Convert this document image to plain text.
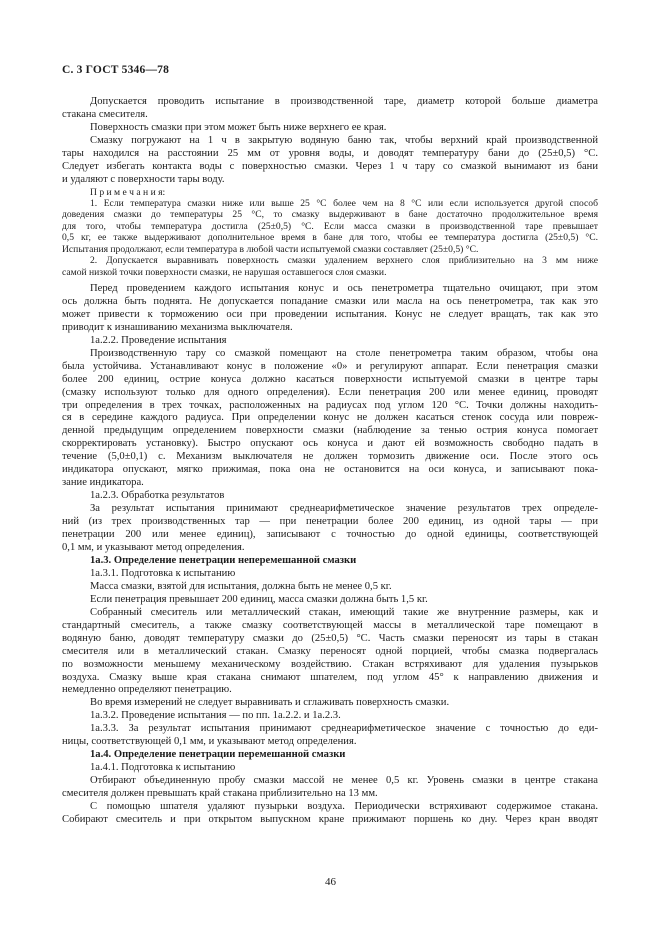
С. 3 ГОСТ 5346—78
Допускается проводить испытание в производственной таре, диаметр которой больше диаметра
стакана смесителя.
Поверхность смазки при этом может быть ниже верхнего ее края.
Смазку погружают на 1 ч в закрытую водяную баню так, чтобы верхний край производственной
тары находился на расстоянии 25 мм от уровня воды, и доводят температуру бани до (25±0,5) °С.
Следует избегать контакта воды с поверхностью смазки. Через 1 ч тару со смазкой вынимают из бани
и удаляют с поверхности тары воду.
П р и м е ч а н и я:
1. Если температура смазки ниже или выше 25 °С более чем на 8 °С или если используется другой способ
доведения смазки до температуры 25 °С, то смазку выдерживают в бане достаточно продолжительное время
для того, чтобы температура достигла (25±0,5) °С. Если масса смазки в производственной таре превышает
0,5 кг, ее также выдерживают дополнительное время в бане для того, чтобы ее температура достигла (25±0,5) °С.
Испытания продолжают, если температура в любой части испытуемой смазки составляет (25±0,5) °С.
2. Допускается выравнивать поверхность смазки удалением верхнего слоя приблизительно на 3 мм ниже
самой низкой точки поверхности смазки, не нарушая оставшегося слоя смазки.
Перед проведением каждого испытания конус и ось пенетрометра тщательно очищают, при этом
ось должна быть поднята. Не допускается попадание смазки или масла на ось пенетрометра, так как это
может привести к торможению оси при проведении испытания. Конус не следует вращать, так как это
приводит к изнашиванию механизма выключателя.
1а.2.2. Проведение испытания
Производственную тару со смазкой помещают на столе пенетрометра таким образом, чтобы она
была устойчива. Устанавливают конус в положение «0» и регулируют аппарат. Если пенетрация смазки
более 200 единиц, острие конуса должно касаться поверхности испытуемой смазки в центре тары
(смазку используют только для одного определения). Если пенетрация 200 или менее единиц, проводят
три определения в трех точках, расположенных на радиусах под углом 120 °С. Точки должны находить-
ся в середине каждого радиуса. При определении конус не должен касаться стенок сосуда или повреж-
денной предыдущим определением поверхности смазки (наблюдение за тенью острия конуса помогает
скорректировать установку). Быстро опускают ось конуса и дают ей возможность свободно падать в
течение (5,0±0,1) с. Механизм выключателя не должен тормозить движение оси. После этого ось
индикатора опускают, мягко прижимая, пока она не остановится на оси конуса, и записывают пока-
зание индикатора.
1а.2.3. Обработка результатов
За результат испытания принимают среднеарифметическое значение результатов трех определе-
ний (из трех производственных тар — при пенетрации более 200 единиц, из одной тары — при
пенетрации 200 или менее единиц), записывают с точностью до одной единицы, соответствующей
0,1 мм, и указывают метод определения.
1а.3. Определение пенетрации неперемешанной смазки
1а.3.1. Подготовка к испытанию
Масса смазки, взятой для испытания, должна быть не менее 0,5 кг.
Если пенетрация превышает 200 единиц, масса смазки должна быть 1,5 кг.
Собранный смеситель или металлический стакан, имеющий такие же внутренние размеры, как и
стандартный смеситель, а также смазку соответствующей массы в металлической таре помещают в
водяную баню, доводят температуру смазки до (25±0,5) °С. Часть смазки переносят из тары в стакан
смесителя или в металлический стакан. Смазку переносят одной порцией, чтобы смазка подвергалась
по возможности меньшему механическому воздействию. Стакан встряхивают для удаления пузырьков
воздуха. Смазку выше края стакана снимают шпателем, под углом 45° к направлению движения и
немедленно определяют пенетрацию.
Во время измерений не следует выравнивать и сглаживать поверхность смазки.
1а.3.2. Проведение испытания — по пп. 1а.2.2. и 1а.2.3.
1а.3.3. За результат испытания принимают среднеарифметическое значение с точностью до еди-
ницы, соответствующей 0,1 мм, и указывают метод определения.
1а.4. Определение пенетрации перемешанной смазки
1а.4.1. Подготовка к испытанию
Отбирают объединенную пробу смазки массой не менее 0,5 кг. Уровень смазки в центре стакана
смесителя должен превышать край стакана приблизительно на 13 мм.
С помощью шпателя удаляют пузырьки воздуха. Периодически встряхивают содержимое стакана.
Собирают смеситель и при открытом выпускном кране прижимают поршень ко дну. Через кран вводят
46
